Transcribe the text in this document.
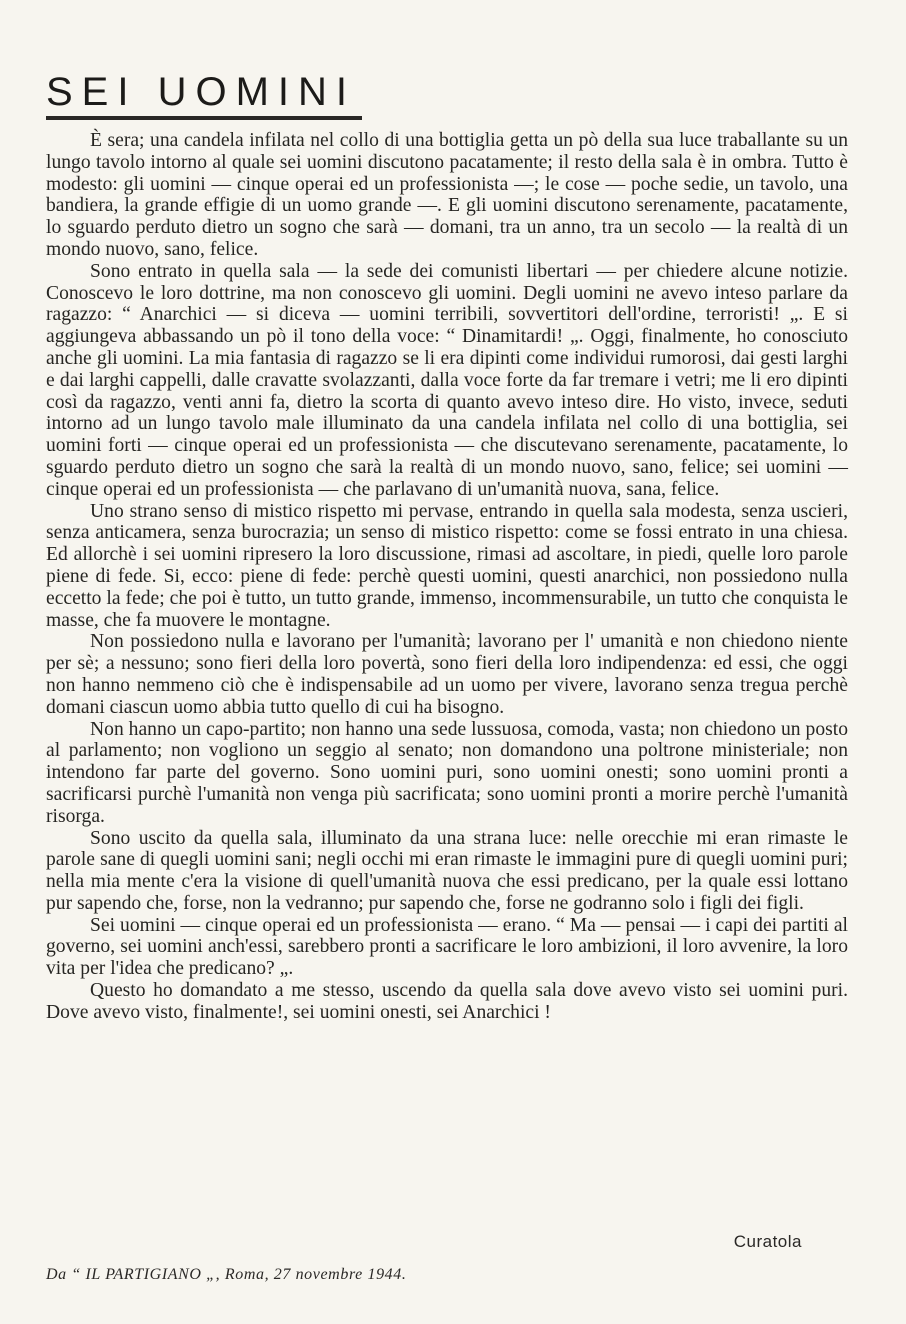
SEI UOMINI

È sera; una candela infilata nel collo di una bottiglia getta un pò della sua luce traballante su un lungo tavolo intorno al quale sei uomini discutono pacatamente; il resto della sala è in ombra. Tutto è modesto: gli uomini — cinque operai ed un professionista —; le cose — poche sedie, un tavolo, una bandiera, la grande effigie di un uomo grande —. E gli uomini discutono serenamente, pacatamente, lo sguardo perduto dietro un sogno che sarà — domani, tra un anno, tra un secolo — la realtà di un mondo nuovo, sano, felice.

Sono entrato in quella sala — la sede dei comunisti libertari — per chiedere alcune notizie. Conoscevo le loro dottrine, ma non conoscevo gli uomini. Degli uomini ne avevo inteso parlare da ragazzo: “ Anarchici — si diceva — uomini terribili, sovvertitori dell'ordine, terroristi! „. E si aggiungeva abbassando un pò il tono della voce: “ Dinamitardi! „. Oggi, finalmente, ho conosciuto anche gli uomini. La mia fantasia di ragazzo se li era dipinti come individui rumorosi, dai gesti larghi e dai larghi cappelli, dalle cravatte svolazzanti, dalla voce forte da far tremare i vetri; me li ero dipinti così da ragazzo, venti anni fa, dietro la scorta di quanto avevo inteso dire. Ho visto, invece, seduti intorno ad un lungo tavolo male illuminato da una candela infilata nel collo di una bottiglia, sei uomini forti — cinque operai ed un professionista — che discutevano serenamente, pacatamente, lo sguardo perduto dietro un sogno che sarà la realtà di un mondo nuovo, sano, felice; sei uomini — cinque operai ed un professionista — che parlavano di un'umanità nuova, sana, felice.

Uno strano senso di mistico rispetto mi pervase, entrando in quella sala modesta, senza uscieri, senza anticamera, senza burocrazia; un senso di mistico rispetto: come se fossi entrato in una chiesa. Ed allorchè i sei uomini ripresero la loro discussione, rimasi ad ascoltare, in piedi, quelle loro parole piene di fede. Si, ecco: piene di fede: perchè questi uomini, questi anarchici, non possiedono nulla eccetto la fede; che poi è tutto, un tutto grande, immenso, incommensurabile, un tutto che conquista le masse, che fa muovere le montagne.

Non possiedono nulla e lavorano per l'umanità; lavorano per l' umanità e non chiedono niente per sè; a nessuno; sono fieri della loro povertà, sono fieri della loro indipendenza: ed essi, che oggi non hanno nemmeno ciò che è indispensabile ad un uomo per vivere, lavorano senza tregua perchè domani ciascun uomo abbia tutto quello di cui ha bisogno.

Non hanno un capo-partito; non hanno una sede lussuosa, comoda, vasta; non chiedono un posto al parlamento; non vogliono un seggio al senato; non domandono una poltrone ministeriale; non intendono far parte del governo. Sono uomini puri, sono uomini onesti; sono uomini pronti a sacrificarsi purchè l'umanità non venga più sacrificata; sono uomini pronti a morire perchè l'umanità risorga.

Sono uscito da quella sala, illuminato da una strana luce: nelle orecchie mi eran rimaste le parole sane di quegli uomini sani; negli occhi mi eran rimaste le immagini pure di quegli uomini puri; nella mia mente c'era la visione di quell'umanità nuova che essi predicano, per la quale essi lottano pur sapendo che, forse, non la vedranno; pur sapendo che, forse ne godranno solo i figli dei figli.

Sei uomini — cinque operai ed un professionista — erano. “ Ma — pensai — i capi dei partiti al governo, sei uomini anch'essi, sarebbero pronti a sacrificare le loro ambizioni, il loro avvenire, la loro vita per l'idea che predicano? „.

Questo ho domandato a me stesso, uscendo da quella sala dove avevo visto sei uomini puri. Dove avevo visto, finalmente!, sei uomini onesti, sei Anarchici !

Curatola
Da “ IL PARTIGIANO „, Roma, 27 novembre 1944.
